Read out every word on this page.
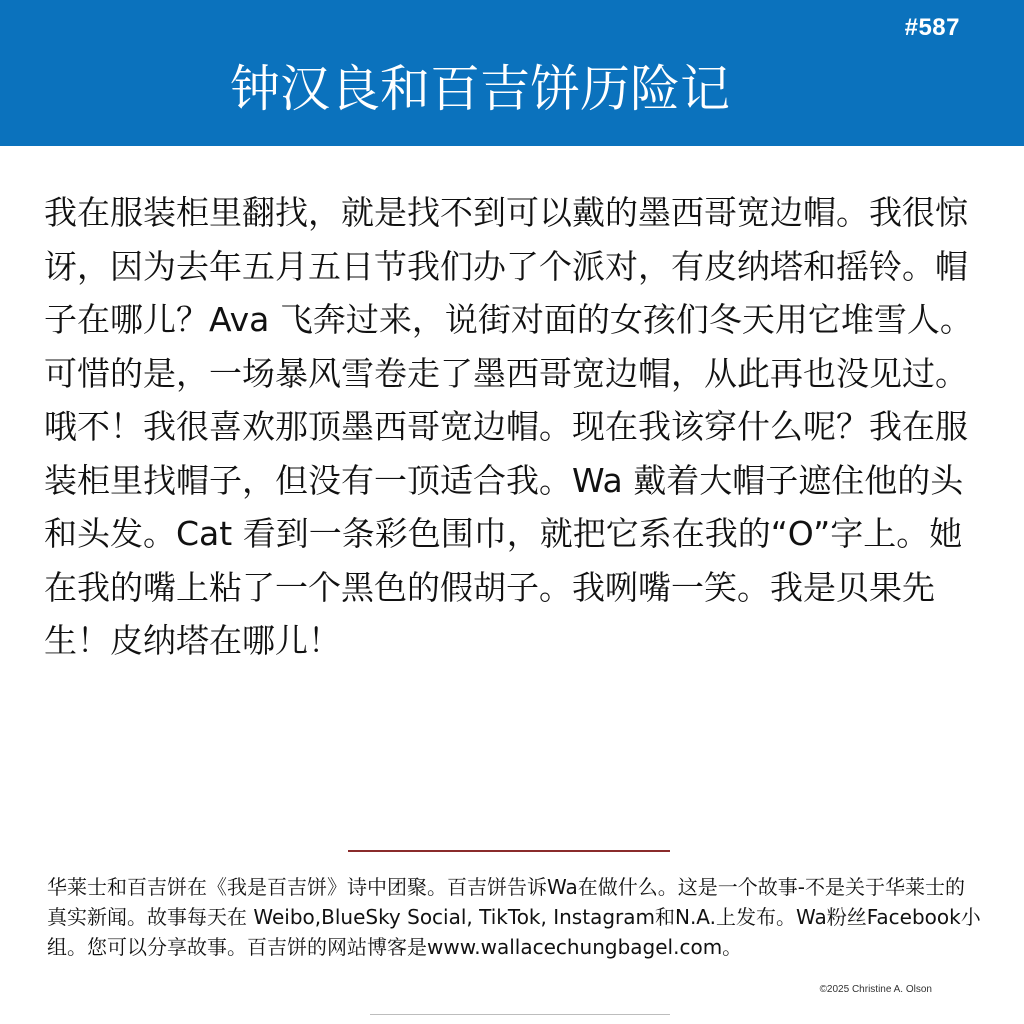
#587
钟汉良和百吉饼历险记

我在服装柜里翻找，就是找不到可以戴的墨西哥宽边帽。我很惊讶，因为去年五月五日节我们办了个派对，有皮纳塔和摇铃。帽子在哪儿？Ava 飞奔过来，说街对面的女孩们冬天用它堆雪人。可惜的是，一场暴风雪卷走了墨西哥宽边帽，从此再也没见过。哦不！我很喜欢那顶墨西哥宽边帽。现在我该穿什么呢？我在服装柜里找帽子，但没有一顶适合我。Wa 戴着大帽子遮住他的头和头发。Cat 看到一条彩色围巾，就把它系在我的“O”字上。她在我的嘴上粘了一个黑色的假胡子。我咧嘴一笑。我是贝果先生！皮纳塔在哪儿！

华莱士和百吉饼在《我是百吉饼》诗中团聚。百吉饼告诉Wa在做什么。这是一个故事-不是关于华莱士的真实新闻。故事每天在 Weibo,BlueSky Social, TikTok, Instagram和N.A.上发布。Wa粉丝Facebook小组。您可以分享故事。百吉饼的网站博客是www.wallacechungbagel.com。

©2025 Christine A. Olson
